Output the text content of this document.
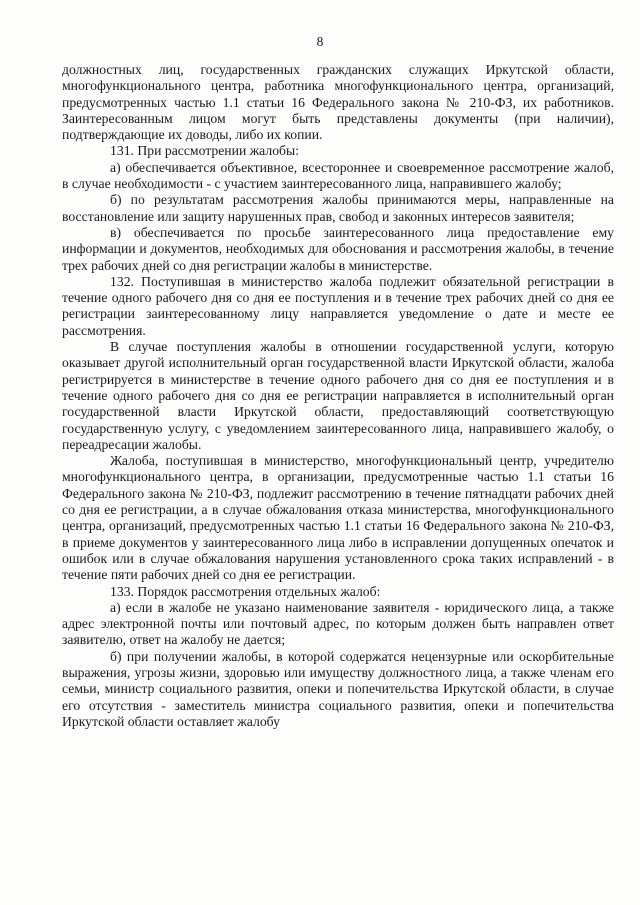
8

должностных лиц, государственных гражданских служащих Иркутской области, многофункционального центра, работника многофункционального центра, организаций, предусмотренных частью 1.1 статьи 16 Федерального закона № 210-ФЗ, их работников. Заинтересованным лицом могут быть представлены документы (при наличии), подтверждающие их доводы, либо их копии.

131. При рассмотрении жалобы:

а) обеспечивается объективное, всестороннее и своевременное рассмотрение жалоб, в случае необходимости - с участием заинтересованного лица, направившего жалобу;

б) по результатам рассмотрения жалобы принимаются меры, направленные на восстановление или защиту нарушенных прав, свобод и законных интересов заявителя;

в) обеспечивается по просьбе заинтересованного лица предоставление ему информации и документов, необходимых для обоснования и рассмотрения жалобы, в течение трех рабочих дней со дня регистрации жалобы в министерстве.

132. Поступившая в министерство жалоба подлежит обязательной регистрации в течение одного рабочего дня со дня ее поступления и в течение трех рабочих дней со дня ее регистрации заинтересованному лицу направляется уведомление о дате и месте ее рассмотрения.

В случае поступления жалобы в отношении государственной услуги, которую оказывает другой исполнительный орган государственной власти Иркутской области, жалоба регистрируется в министерстве в течение одного рабочего дня со дня ее поступления и в течение одного рабочего дня со дня ее регистрации направляется в исполнительный орган государственной власти Иркутской области, предоставляющий соответствующую государственную услугу, с уведомлением заинтересованного лица, направившего жалобу, о переадресации жалобы.

Жалоба, поступившая в министерство, многофункциональный центр, учредителю многофункционального центра, в организации, предусмотренные частью 1.1 статьи 16 Федерального закона № 210-ФЗ, подлежит рассмотрению в течение пятнадцати рабочих дней со дня ее регистрации, а в случае обжалования отказа министерства, многофункционального центра, организаций, предусмотренных частью 1.1 статьи 16 Федерального закона № 210-ФЗ, в приеме документов у заинтересованного лица либо в исправлении допущенных опечаток и ошибок или в случае обжалования нарушения установленного срока таких исправлений - в течение пяти рабочих дней со дня ее регистрации.

133. Порядок рассмотрения отдельных жалоб:

а) если в жалобе не указано наименование заявителя - юридического лица, а также адрес электронной почты или почтовый адрес, по которым должен быть направлен ответ заявителю, ответ на жалобу не дается;

б) при получении жалобы, в которой содержатся нецензурные или оскорбительные выражения, угрозы жизни, здоровью или имуществу должностного лица, а также членам его семьи, министр социального развития, опеки и попечительства Иркутской области, в случае его отсутствия - заместитель министра социального развития, опеки и попечительства Иркутской области оставляет жалобу
